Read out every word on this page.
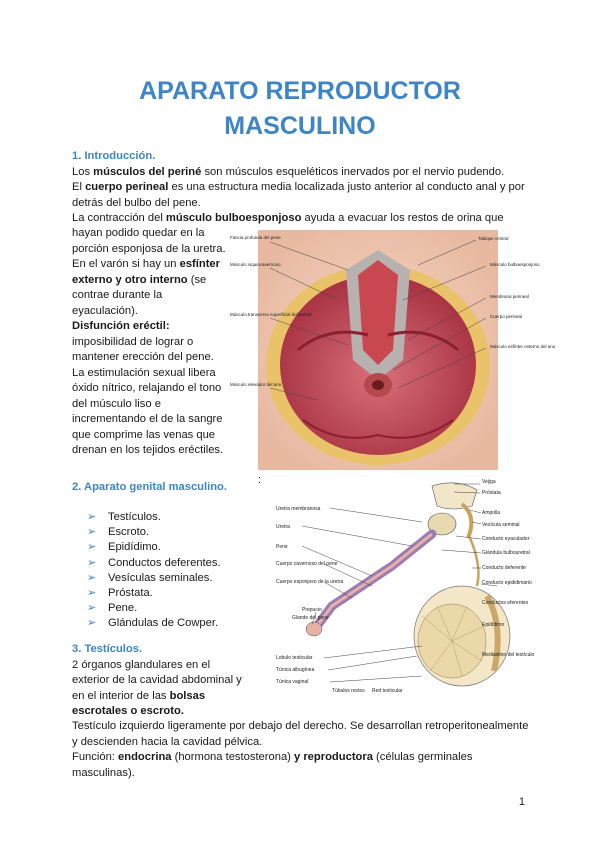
APARATO REPRODUCTOR
MASCULINO

1. Introducción.

Los músculos del periné son músculos esqueléticos inervados por el nervio pudendo.

El cuerpo perineal es una estructura media localizada justo anterior al conducto anal y por detrás del bulbo del pene.

La contracción del músculo bulboesponjoso ayuda a evacuar los restos de orina que

hayan podido quedar en la porción esponjosa de la uretra.

En el varón si hay un esfínter externo y otro interno (se contrae durante la eyaculación).

Disfunción eréctil:

imposibilidad de lograr o mantener erección del pene.

La estimulación sexual libera óxido nítrico, relajando el tono del músculo liso e incrementando el de la sangre que comprime las venas que drenan en los tejidos eréctiles.

Fascia profunda del pene
Músculo isquiocavernoso
Músculo transverso superficial del periné
Músculo elevador del ano
Tabique central
Músculo bulboesponjoso
Membrana perineal
Cuerpo perineal
Músculo esfínter externo del ano
:

2. Aparato genital masculino.

➢ Testículos.
➢ Escroto.
➢ Epidídimo.
➢ Conductos deferentes.
➢ Vesículas seminales.
➢ Próstata.
➢ Pene.
➢ Glándulas de Cowper.
Uretra membranosa
Uretra
Pene
Cuerpo cavernoso del pene
Cuerpo esponjoso de la uretra
Prepucio
Glande del pene
Lobulo testicular
Túnica albugínea
Túnica vaginal
Túbulos rectos Red testicular
Vejiga
Próstata
Ampolla
Vesícula seminal
Conducto eyaculador
Glándula bulbouretral
Conducto deferente
Conducto epididimario
Conductos eferentes
Epidídimo
Mediastino del testículo

3. Testículos.

2 órganos glandulares en el exterior de la cavidad abdominal y en el interior de las bolsas escrotales o escroto.

Testículo izquierdo ligeramente por debajo del derecho. Se desarrollan retroperitonealmente y descienden hacia la cavidad pélvica.

Función: endocrina (hormona testosterona) y reproductora (células germinales masculinas).

1
